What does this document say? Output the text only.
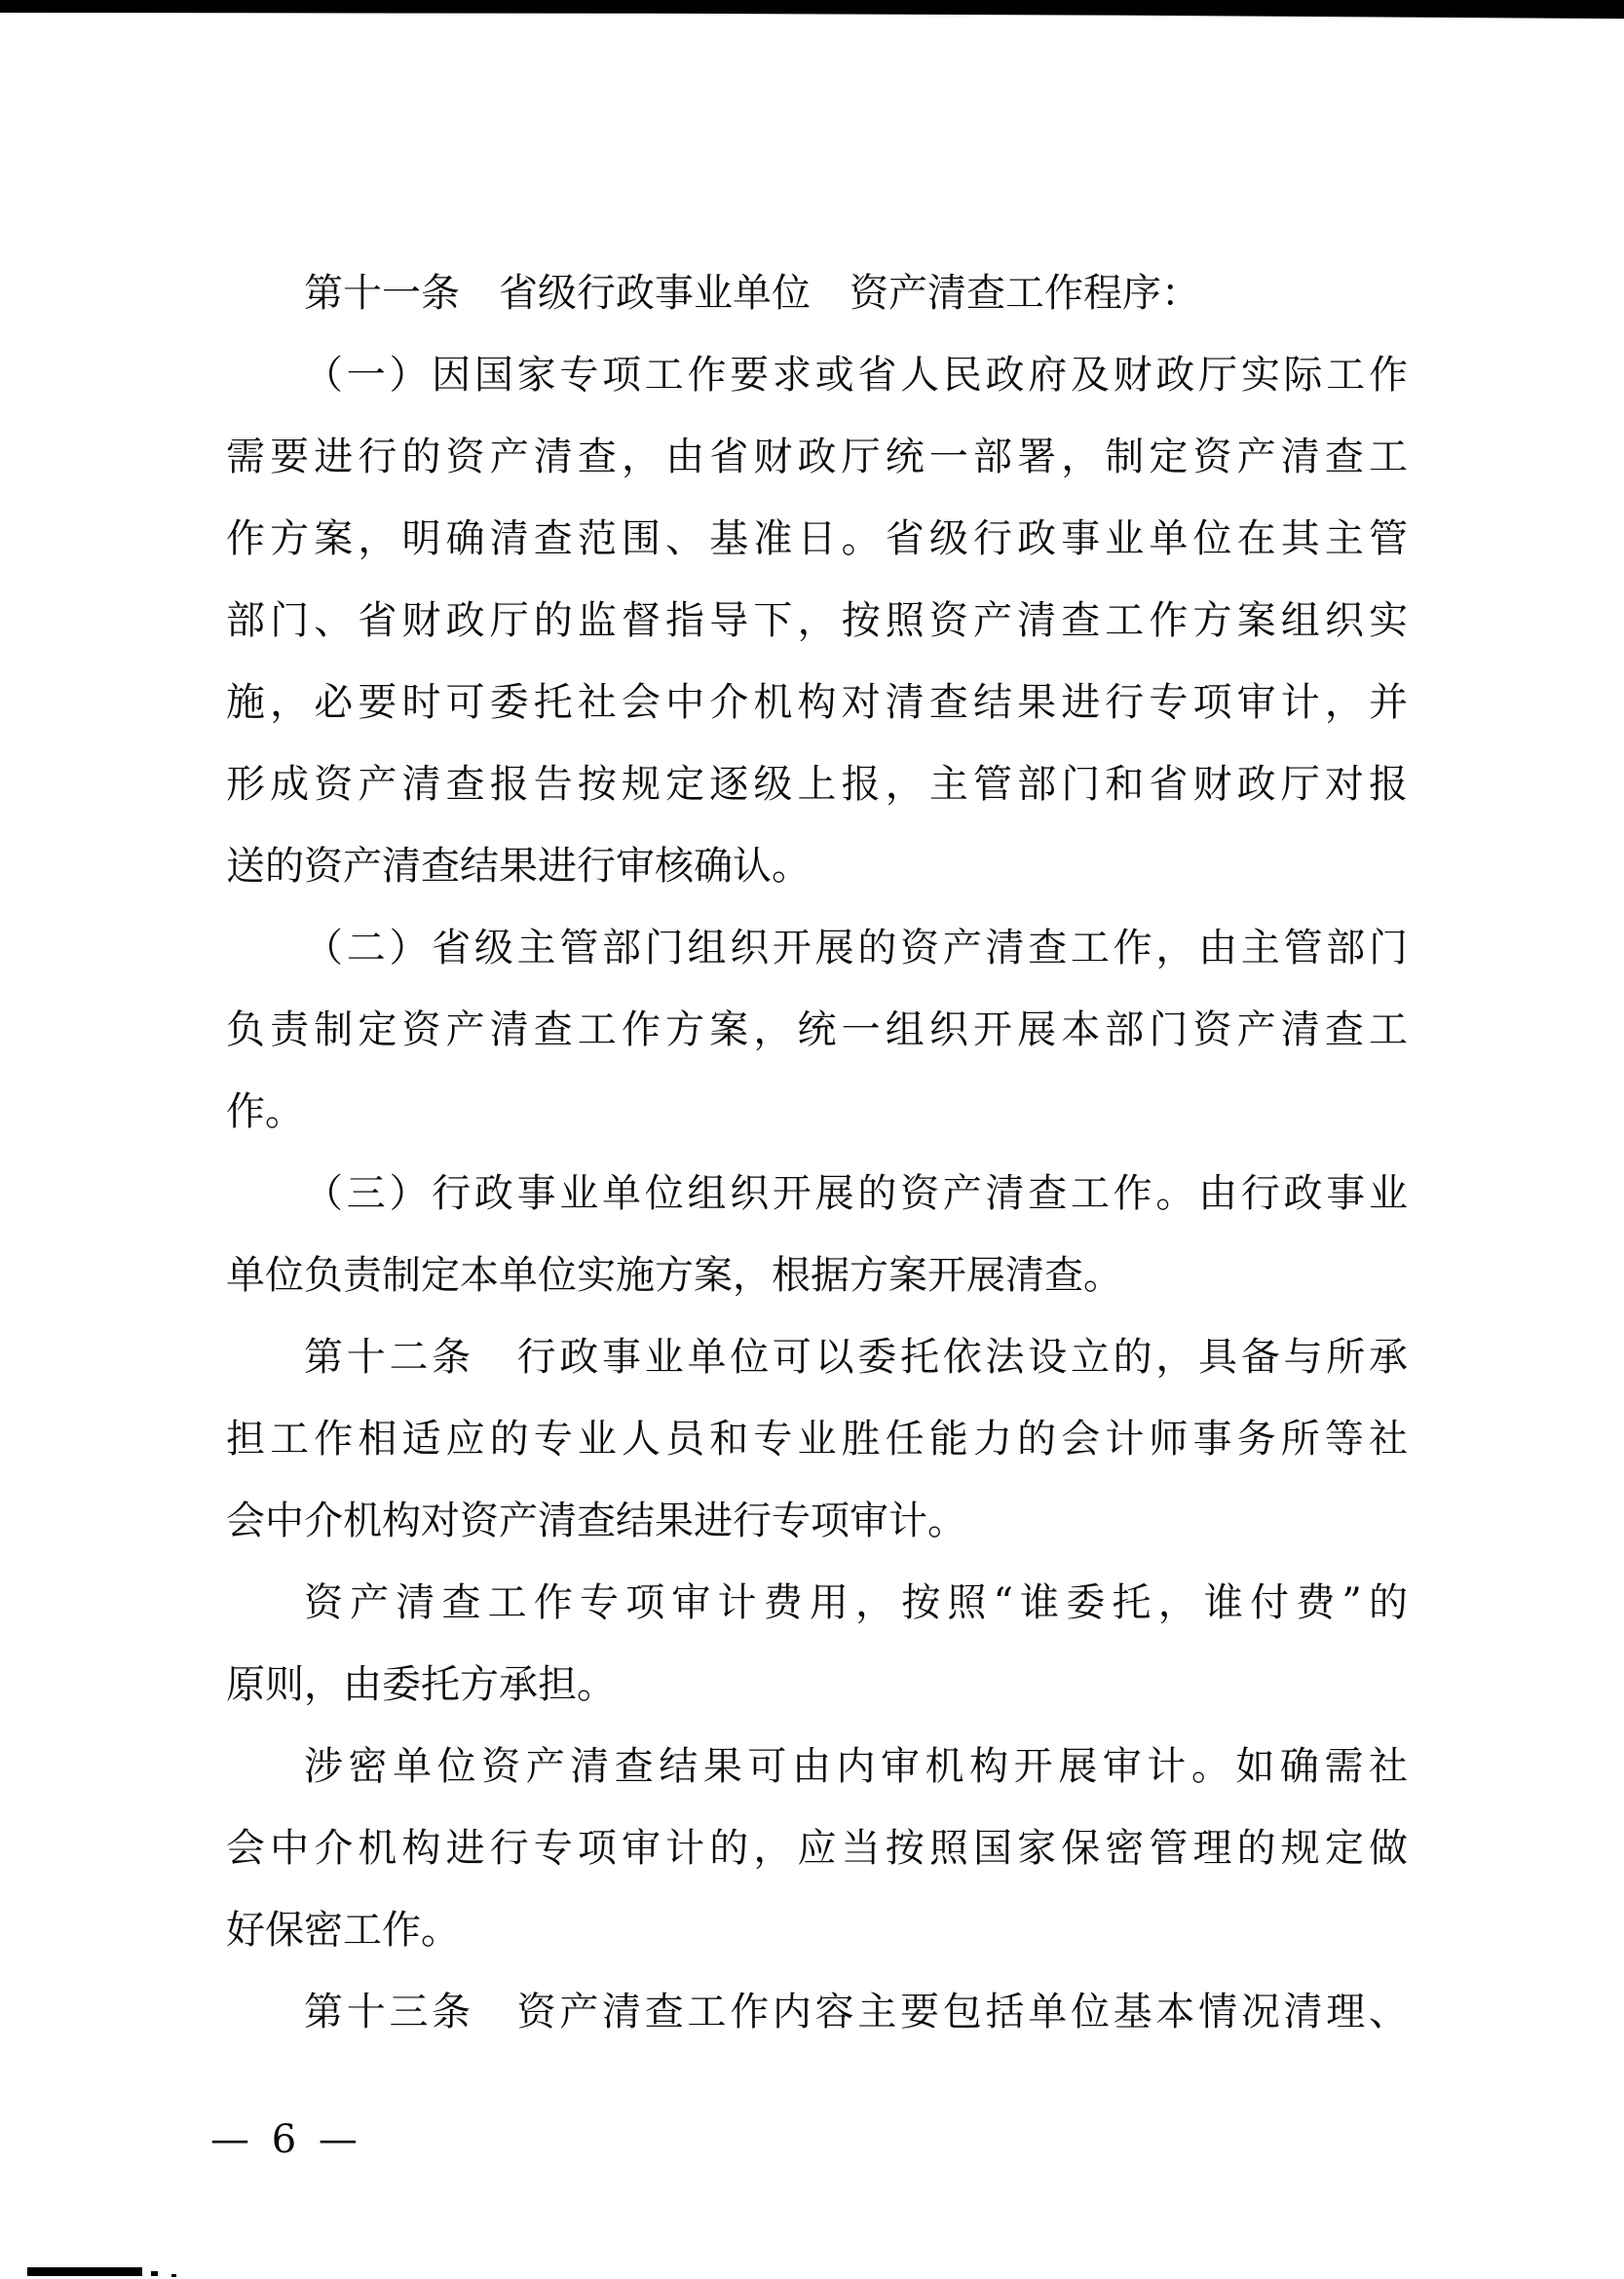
第十一条　省级行政事业单位　资产清查工作程序：
（一）因国家专项工作要求或省人民政府及财政厅实际工作
需要进行的资产清查，由省财政厅统一部署，制定资产清查工
作方案，明确清查范围、基准日。省级行政事业单位在其主管
部门、省财政厅的监督指导下，按照资产清查工作方案组织实
施，必要时可委托社会中介机构对清查结果进行专项审计，并
形成资产清查报告按规定逐级上报，主管部门和省财政厅对报
送的资产清查结果进行审核确认。
（二）省级主管部门组织开展的资产清查工作，由主管部门
负责制定资产清查工作方案，统一组织开展本部门资产清查工
作。
（三）行政事业单位组织开展的资产清查工作。由行政事业
单位负责制定本单位实施方案，根据方案开展清查。
第十二条　行政事业单位可以委托依法设立的，具备与所承
担工作相适应的专业人员和专业胜任能力的会计师事务所等社
会中介机构对资产清查结果进行专项审计。
资产清查工作专项审计费用，按照“谁委托，谁付费”的
原则，由委托方承担。
涉密单位资产清查结果可由内审机构开展审计。如确需社
会中介机构进行专项审计的，应当按照国家保密管理的规定做
好保密工作。
第十三条　资产清查工作内容主要包括单位基本情况清理、
— 6 —
